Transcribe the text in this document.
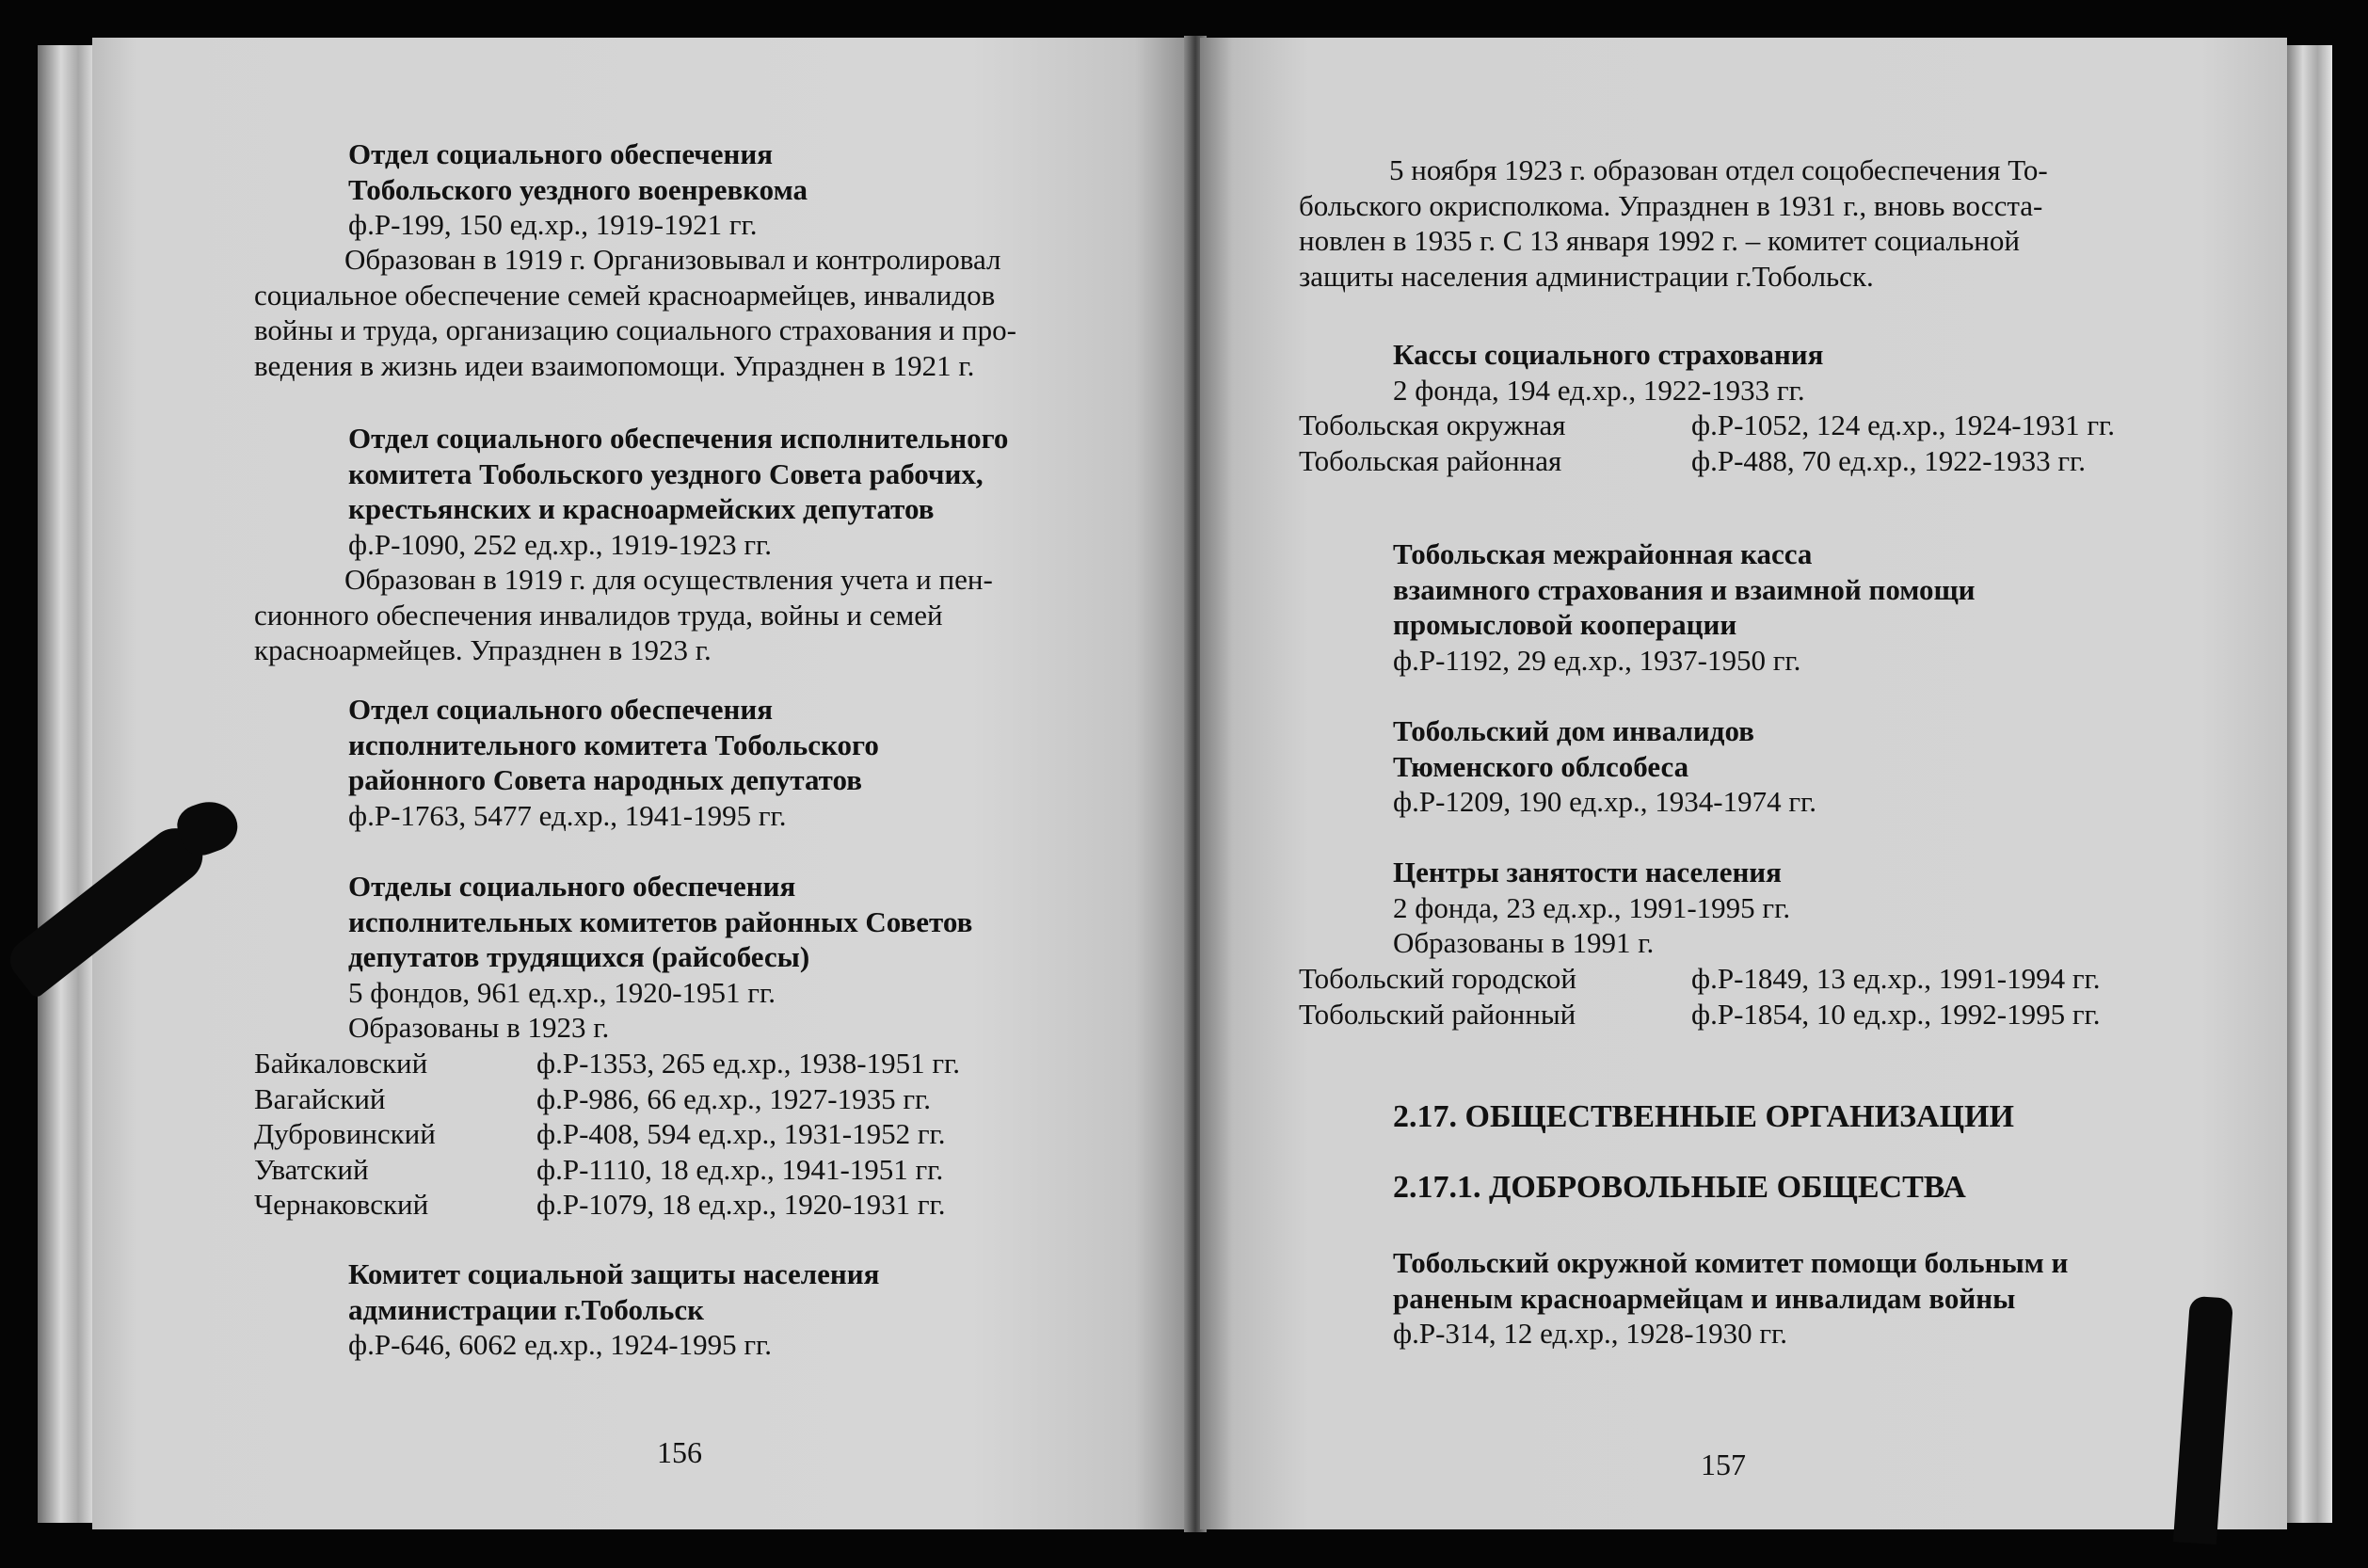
Отдел социального обеспечения
Тобольского уездного военревкома
ф.Р-199, 150 ед.хр., 1919-1921 гг.

Образован в 1919 г. Организовывал и контролировал

социальное обеспечение семей красноармейцев, инвалидов

войны и труда, организацию социального страхования и про-

ведения в жизнь идеи взаимопомощи. Упразднен в 1921 г.

Отдел социального обеспечения исполнительного
комитета Тобольского уездного Совета рабочих,
крестьянских и красноармейских депутатов
ф.Р-1090, 252 ед.хр., 1919-1923 гг.

Образован в 1919 г. для осуществления учета и пен-

сионного обеспечения инвалидов труда, войны и семей

красноармейцев. Упразднен в 1923 г.

Отдел социального обеспечения
исполнительного комитета Тобольского
районного Совета народных депутатов
ф.Р-1763, 5477 ед.хр., 1941-1995 гг.
Отделы социального обеспечения
исполнительных комитетов районных Советов
депутатов трудящихся (райсобесы)
5 фондов, 961 ед.хр., 1920-1951 гг.
Образованы в 1923 г.
Байкаловский	ф.Р-1353, 265 ед.хр., 1938-1951 гг.
Вагайский	ф.Р-986, 66 ед.хр., 1927-1935 гг.
Дубровинский	ф.Р-408, 594 ед.хр., 1931-1952 гг.
Уватский	ф.Р-1110, 18 ед.хр., 1941-1951 гг.
Чернаковский	ф.Р-1079, 18 ед.хр., 1920-1931 гг.
Комитет социальной защиты населения
администрации г.Тобольск
ф.Р-646, 6062 ед.хр., 1924-1995 гг.
156

5 ноября 1923 г. образован отдел соцобеспечения То-

больского окрисполкома. Упразднен в 1931 г., вновь восста-

новлен в 1935 г. С 13 января 1992 г. – комитет социальной

защиты населения администрации г.Тобольск.

Кассы социального страхования
2 фонда, 194 ед.хр., 1922-1933 гг.
Тобольская окружная	ф.Р-1052, 124 ед.хр., 1924-1931 гг.
Тобольская районная	ф.Р-488, 70 ед.хр., 1922-1933 гг.
Тобольская межрайонная касса
взаимного страхования и взаимной помощи
промысловой кооперации
ф.Р-1192, 29 ед.хр., 1937-1950 гг.
Тобольский дом инвалидов
Тюменского облсобеса
ф.Р-1209, 190 ед.хр., 1934-1974 гг.
Центры занятости населения
2 фонда, 23 ед.хр., 1991-1995 гг.
Образованы в 1991 г.
Тобольский городской	ф.Р-1849, 13 ед.хр., 1991-1994 гг.
Тобольский районный	ф.Р-1854, 10 ед.хр., 1992-1995 гг.
2.17. ОБЩЕСТВЕННЫЕ ОРГАНИЗАЦИИ
2.17.1. ДОБРОВОЛЬНЫЕ ОБЩЕСТВА
Тобольский окружной комитет помощи больным и
раненым красноармейцам и инвалидам войны
ф.Р-314, 12 ед.хр., 1928-1930 гг.
157
